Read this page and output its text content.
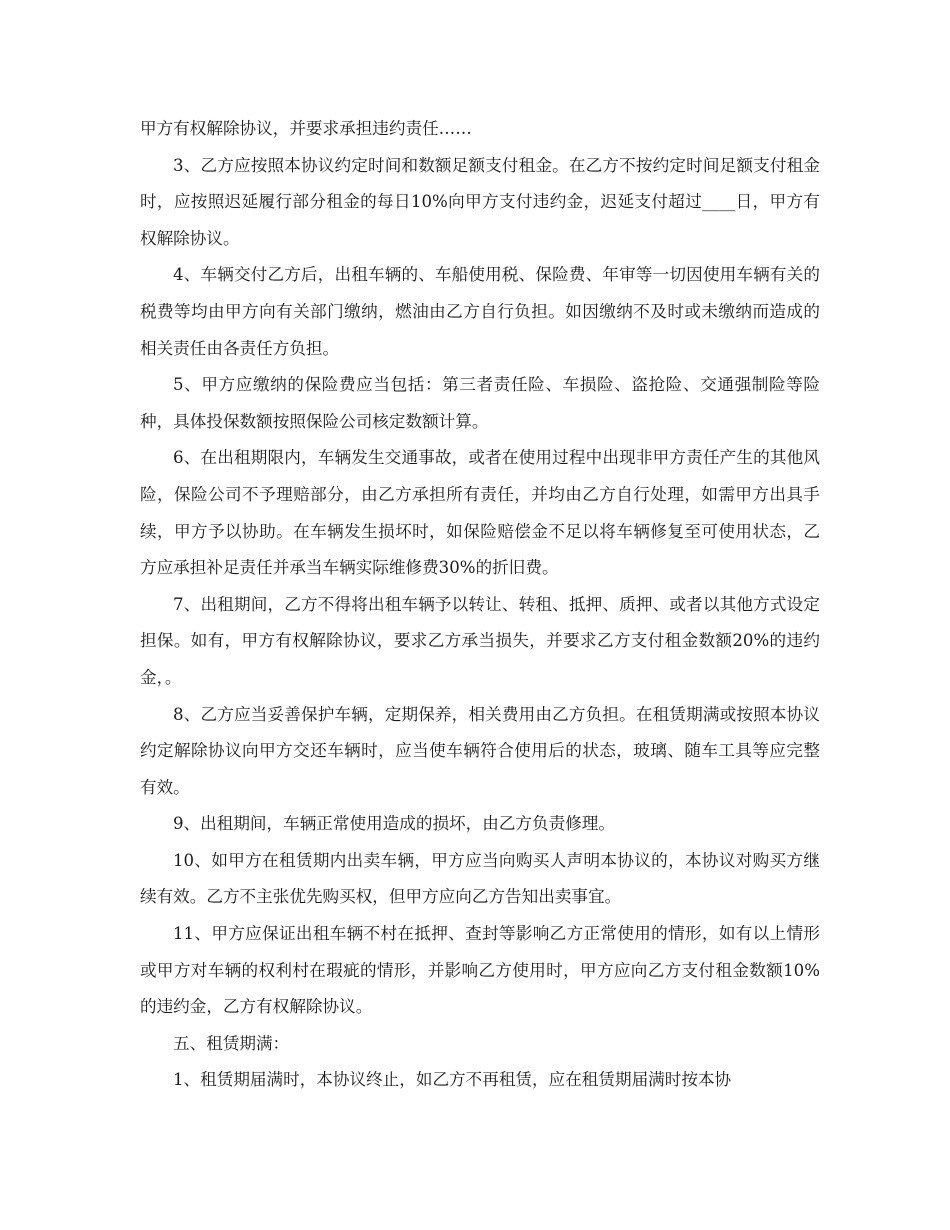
甲方有权解除协议，并要求承担违约责任……

3、乙方应按照本协议约定时间和数额足额支付租金。在乙方不按约定时间足额支付租金时，应按照迟延履行部分租金的每日10%向甲方支付违约金，迟延支付超过____日，甲方有权解除协议。

4、车辆交付乙方后，出租车辆的、车船使用税、保险费、年审等一切因使用车辆有关的税费等均由甲方向有关部门缴纳，燃油由乙方自行负担。如因缴纳不及时或未缴纳而造成的相关责任由各责任方负担。

5、甲方应缴纳的保险费应当包括：第三者责任险、车损险、盗抢险、交通强制险等险种，具体投保数额按照保险公司核定数额计算。

6、在出租期限内，车辆发生交通事故，或者在使用过程中出现非甲方责任产生的其他风险，保险公司不予理赔部分，由乙方承担所有责任，并均由乙方自行处理，如需甲方出具手续，甲方予以协助。在车辆发生损坏时，如保险赔偿金不足以将车辆修复至可使用状态，乙方应承担补足责任并承当车辆实际维修费30%的折旧费。

7、出租期间，乙方不得将出租车辆予以转让、转租、抵押、质押、或者以其他方式设定担保。如有，甲方有权解除协议，要求乙方承当损失，并要求乙方支付租金数额20%的违约金，。

8、乙方应当妥善保护车辆，定期保养，相关费用由乙方负担。在租赁期满或按照本协议约定解除协议向甲方交还车辆时，应当使车辆符合使用后的状态，玻璃、随车工具等应完整有效。

9、出租期间，车辆正常使用造成的损坏，由乙方负责修理。

10、如甲方在租赁期内出卖车辆，甲方应当向购买人声明本协议的，本协议对购买方继续有效。乙方不主张优先购买权，但甲方应向乙方告知出卖事宜。

11、甲方应保证出租车辆不村在抵押、查封等影响乙方正常使用的情形，如有以上情形或甲方对车辆的权利村在瑕疵的情形，并影响乙方使用时，甲方应向乙方支付租金数额10%的违约金，乙方有权解除协议。

五、租赁期满：

1、租赁期届满时，本协议终止，如乙方不再租赁，应在租赁期届满时按本协
